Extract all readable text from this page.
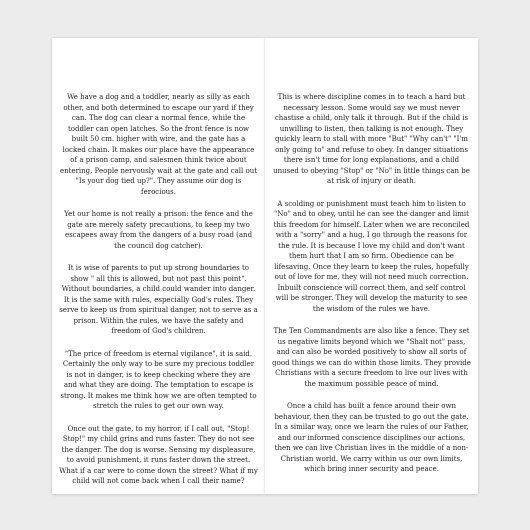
We have a dog and a toddler, nearly as silly as each other, and both determined to escape our yard if they can. The dog can clear a normal fence, while the toddler can open latches. So the front fence is now built 50 cm. higher with wire, and the gate has a locked chain. It makes our place have the appearance of a prison camp, and salesmen think twice about entering. People nervously wait at the gate and call out "Is your dog tied up?". They assume our dog is ferocious.

Yet our home is not really a prison: the fence and the gate are merely safety precautions, to keep my two escapees away from the dangers of a busy road (and the council dog catcher).

It is wise of parents to put up strong boundaries to show " all this is allowed, but not past this point". Without boundaries, a child could wander into danger. It is the same with rules, especially God's rules. They serve to keep us from spiritual danger, not to serve as a prison. Within the rules, we have the safety and freedom of God's children.

"The price of freedom is eternal vigilance", it is said. Certainly the only way to be sure my precious toddler is not in danger, is to keep checking where they are and what they are doing. The temptation to escape is strong. It makes me think how we are often tempted to stretch the rules to get our own way.

Once out the gate, to my horror, if I call out, "Stop! Stop!" my child grins and runs faster. They do not see the danger. The dog is worse. Sensing my displeasure, to avoid punishment, it runs faster down the street. What if a car were to come down the street? What if my child will not come back when I call their name?

This is where discipline comes in to teach a hard but necessary lesson. Some would say we must never chastise a child, only talk it through. But if the child is unwilling to listen, then talking is not enough. They quickly learn to stall with more "But" "Why can't" "I'm only going to" and refuse to obey. In danger situations there isn't time for long explanations, and a child unused to obeying "Stop" or "No" in little things can be at risk of injury or death.

A scolding or punishment must teach him to listen to "No" and to obey, until he can see the danger and limit this freedom for himself. Later when we are reconciled with a "sorry" and a hug, I go through the reasons for the rule. It is because I love my child and don't want them hurt that I am so firm. Obedience can be lifesaving. Once they learn to keep the rules, hopefully out of love for me, they will not need much correction. Inbuilt conscience will correct them, and self control will be stronger. They will develop the maturity to see the wisdom of the rules we have.

The Ten Commandments are also like a fence. They set us negative limits beyond which we "Shalt not" pass, and can also be worded positively to show all sorts of good things we can do within those limits. They provide Christians with a secure freedom to live our lives with the maximum possible peace of mind.

Once a child has built a fence around their own behaviour, then they can be trusted to go out the gate. In a similar way, once we learn the rules of our Father, and our informed conscience disciplines our actions, then we can live Christian lives in the middle of a non-Christian world. We carry within us our own limits, which bring inner security and peace.
